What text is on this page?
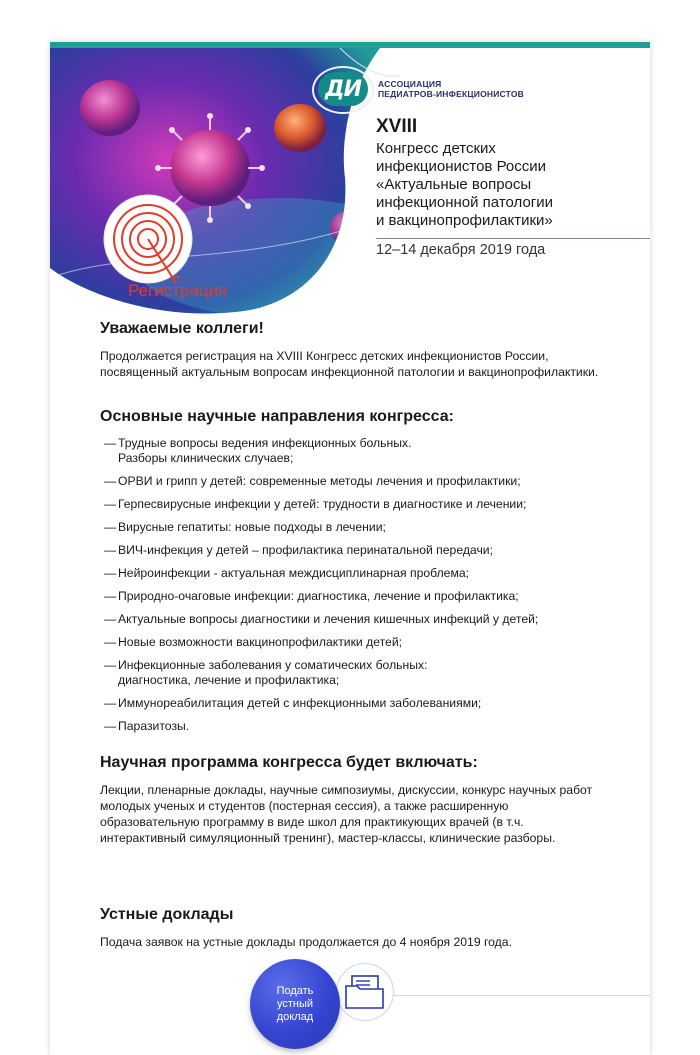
ДИ АССОЦИАЦИЯ
ПЕДИАТРОВ-ИНФЕКЦИОНИСТОВ
XVIII
Конгресс детских
инфекционистов России
«Актуальные вопросы
инфекционной патологии
и вакцинопрофилактики»
12–14 декабря 2019 года
Регистрация
Уважаемые коллеги!

Продолжается регистрация на XVIII Конгресс детских инфекционистов России, посвященный актуальным вопросам инфекционной патологии и вакцинопрофилактики.

Основные научные направления конгресса:
— Трудные вопросы ведения инфекционных больных.
Разборы клинических случаев;
— ОРВИ и грипп у детей: современные методы лечения и профилактики;
— Герпесвирусные инфекции у детей: трудности в диагностике и лечении;
— Вирусные гепатиты: новые подходы в лечении;
— ВИЧ-инфекция у детей – профилактика перинатальной передачи;
— Нейроинфекции - актуальная междисциплинарная проблема;
— Природно-очаговые инфекции: диагностика, лечение и профилактика;
— Актуальные вопросы диагностики и лечения кишечных инфекций у детей;
— Новые возможности вакцинопрофилактики детей;
— Инфекционные заболевания у соматических больных:
диагностика, лечение и профилактика;
— Иммунореабилитация детей с инфекционными заболеваниями;
— Паразитозы.
Научная программа конгресса будет включать:

Лекции, пленарные доклады, научные симпозиумы, дискуссии, конкурс научных работ молодых ученых и студентов (постерная сессия), а также расширенную образовательную программу в виде школ для практикующих врачей (в т.ч. интерактивный симуляционный тренинг), мастер-классы, клинические разборы.

Устные доклады

Подача заявок на устные доклады продолжается до 4 ноября 2019 года.

Подать
устный
доклад
